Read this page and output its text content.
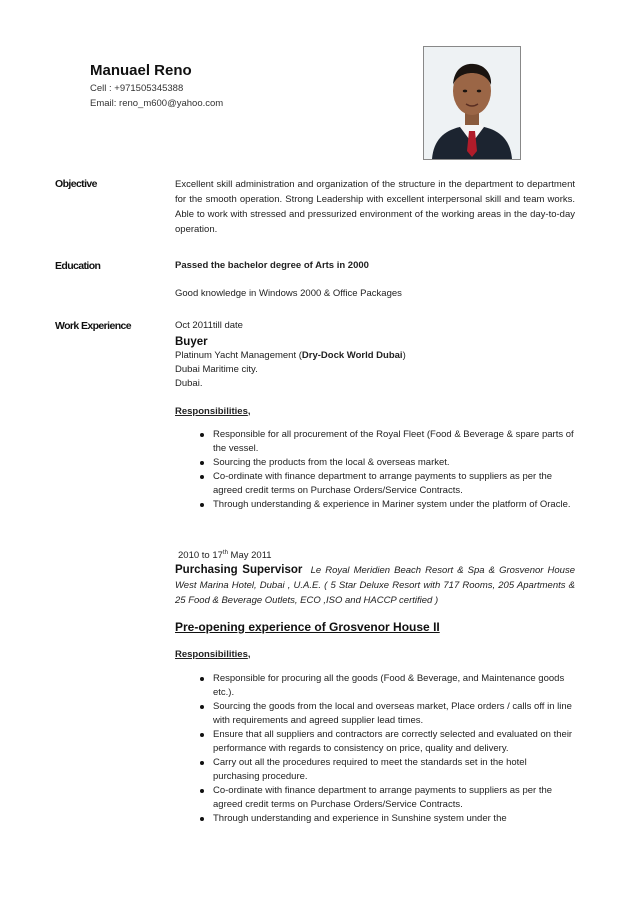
Manuael Reno
Cell : +971505345388
Email: reno_m600@yahoo.com
Objective	Excellent skill administration and organization of the structure in the department to department for the smooth operation. Strong Leadership with excellent interpersonal skill and team works. Able to work with stressed and pressurized environment of the working areas in the day-to-day operation.
Education	Passed the bachelor degree of Arts in 2000
Good knowledge in Windows 2000 & Office Packages
Work Experience	Oct 2011till date

Buyer

Platinum Yacht Management (Dry-Dock World Dubai)

Dubai Maritime city.

Dubai.

Responsibilities,

Responsible for all procurement of the Royal Fleet (Food & Beverage & spare parts of the vessel.
Sourcing the products from the local & overseas market.
Co-ordinate with finance department to arrange payments to suppliers as per the agreed credit terms on Purchase Orders/Service Contracts.
Through understanding & experience in Mariner system under the platform of Oracle.

2010 to 17th May 2011

Purchasing Supervisor Le Royal Meridien Beach Resort & Spa & Grosvenor House West Marina Hotel, Dubai , U.A.E. ( 5 Star Deluxe Resort with 717 Rooms, 205 Apartments & 25 Food & Beverage Outlets, ECO ,ISO and HACCP certified )

Pre-opening experience of Grosvenor House II

Responsibilities,

Responsible for procuring all the goods (Food & Beverage, and Maintenance goods etc.).
Sourcing the goods from the local and overseas market, Place orders / calls off in line with requirements and agreed supplier lead times.
Ensure that all suppliers and contractors are correctly selected and evaluated on their performance with regards to consistency on price, quality and delivery.
Carry out all the procedures required to meet the standards set in the hotel purchasing procedure.
Co-ordinate with finance department to arrange payments to suppliers as per the agreed credit terms on Purchase Orders/Service Contracts.
Through understanding and experience in Sunshine system under the
